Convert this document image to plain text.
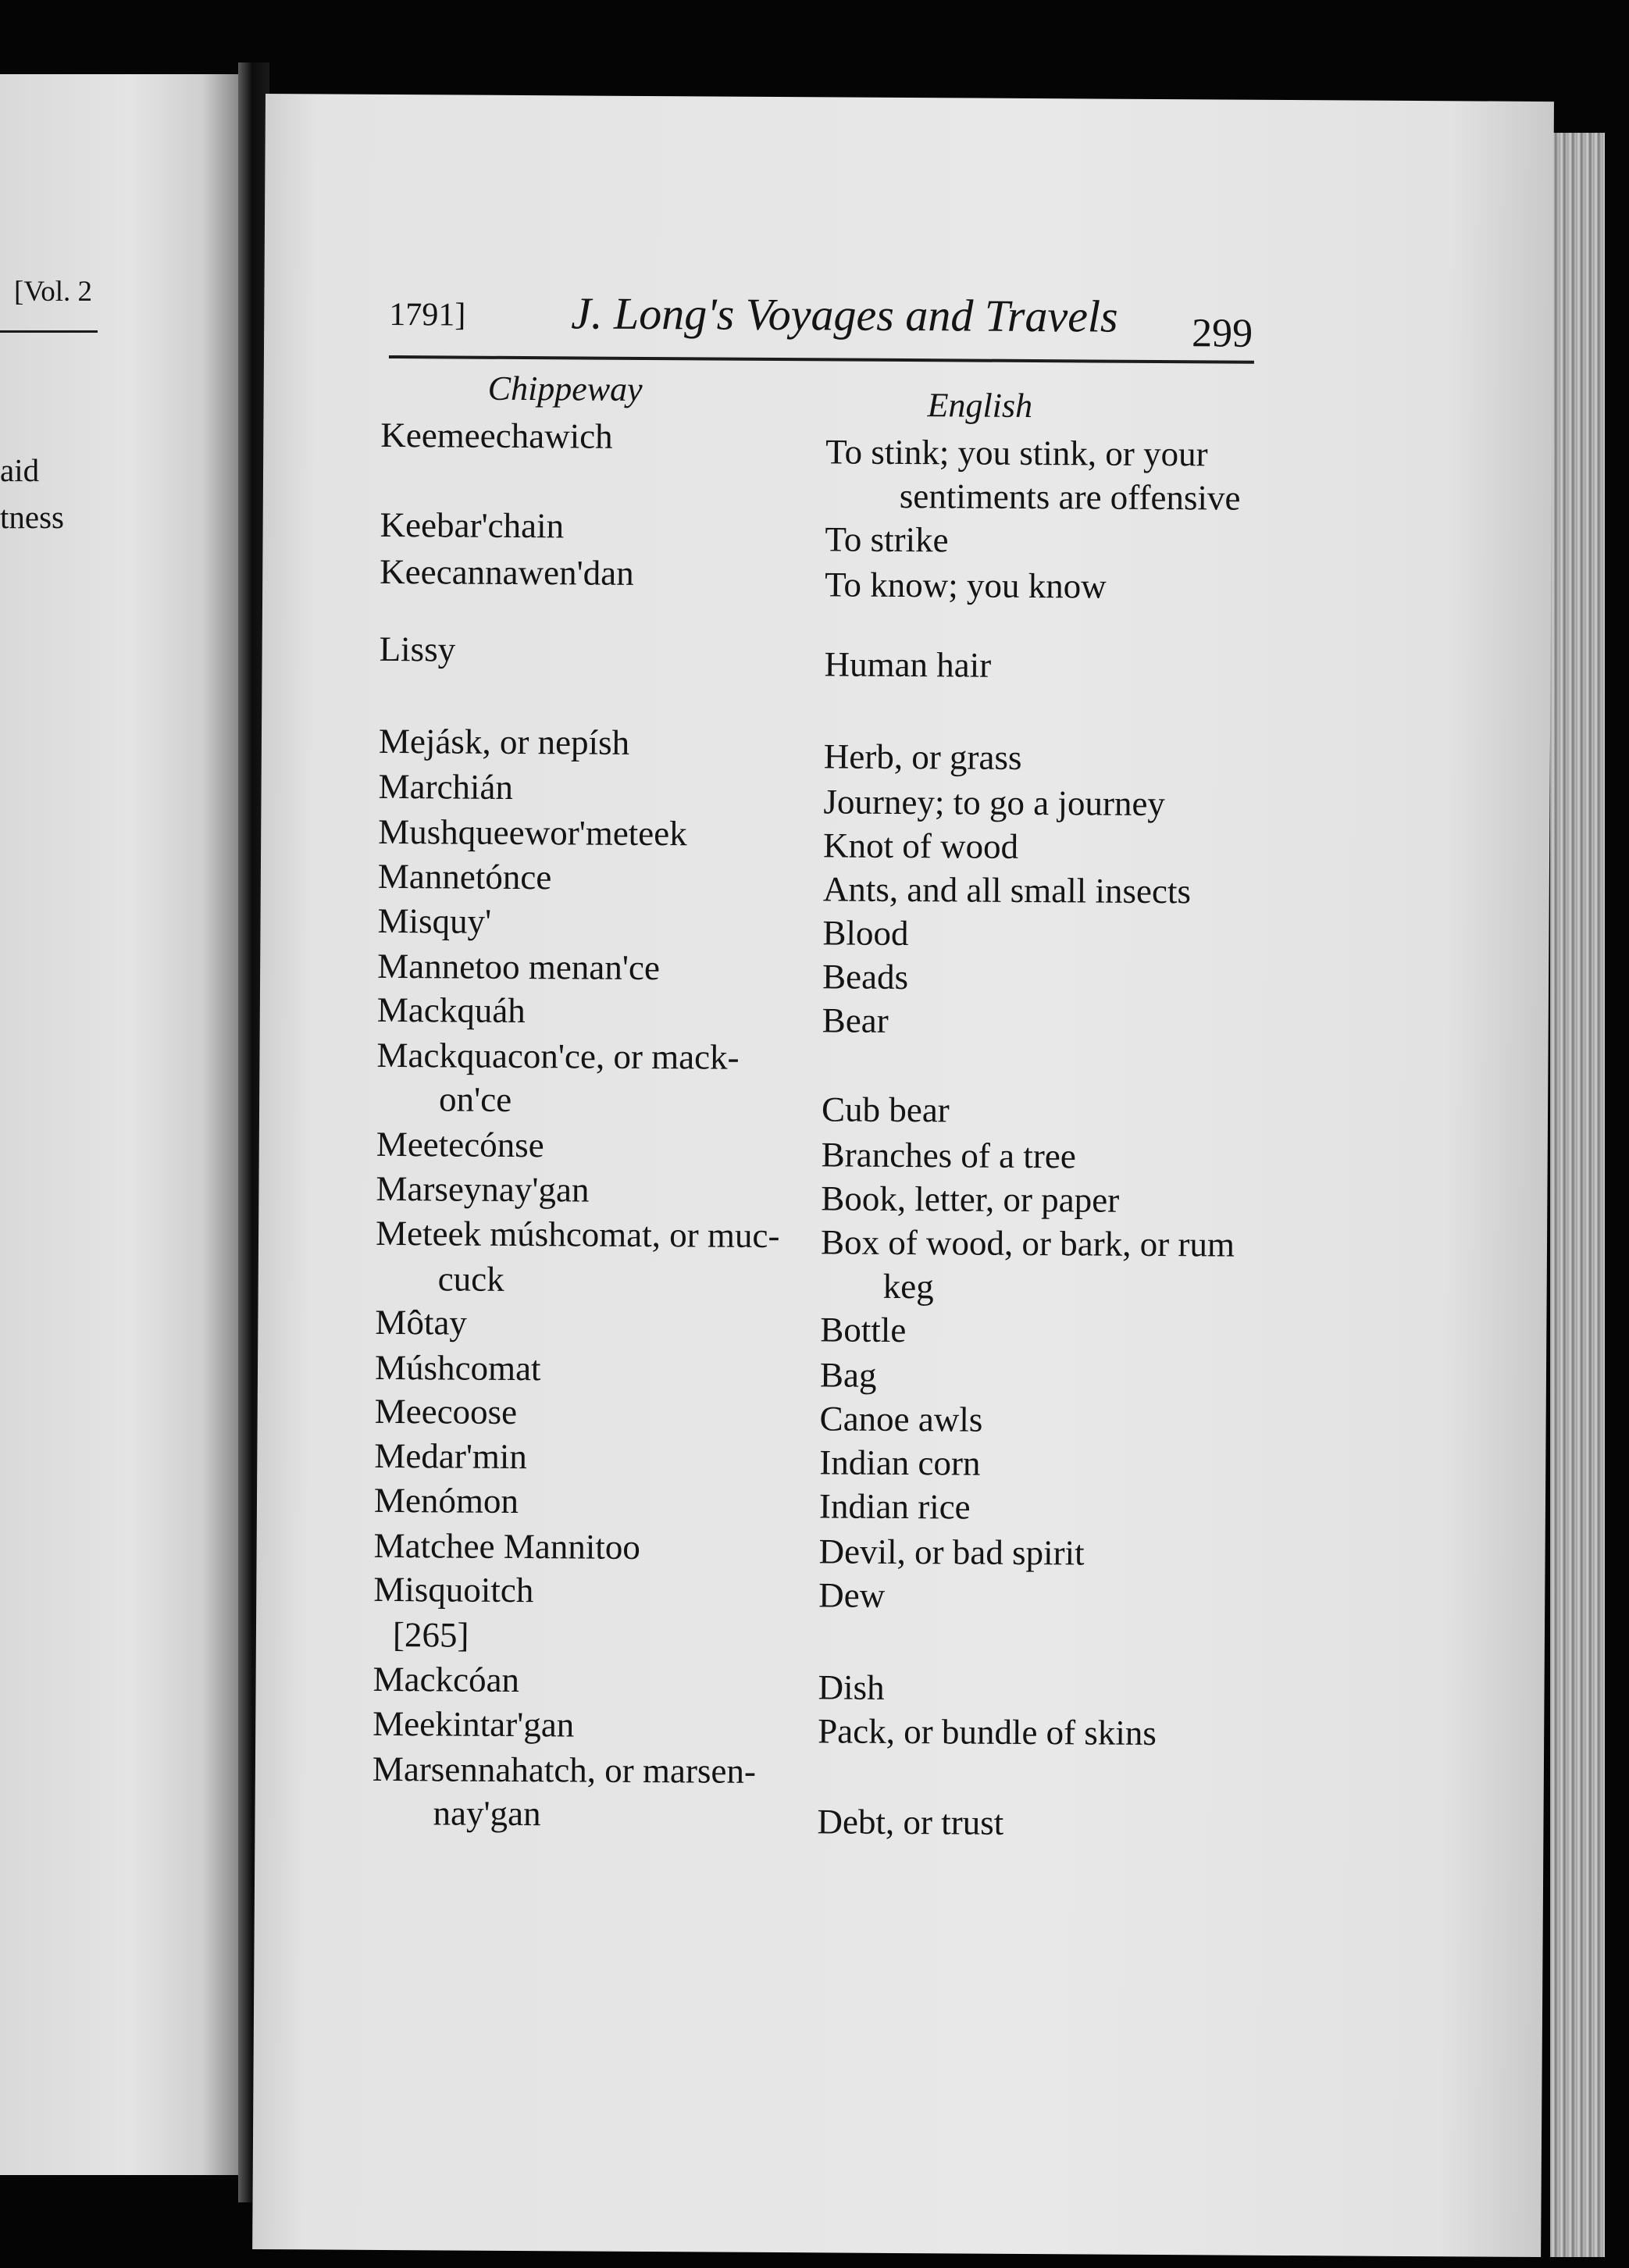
[Vol. 2
aid
tness
1791] J. Long's Voyages and Travels 299
Chippeway	English
Keemeechawich
Keebar'chain
Keecannawen'dan
Lissy
Mejásk, or nepísh
Marchián
Mushqueewor'meteek
Mannetónce
Misquy'
Mannetoo menan'ce
Mackquáh
Mackquacon'ce, or mack-
on'ce
Meetecónse
Marseynay'gan
Meteek múshcomat, or muc-
cuck
Môtay
Múshcomat
Meecoose
Medar'min
Menómon
Matchee Mannitoo
Misquoitch
[265]
Mackcóan
Meekintar'gan
Marsennahatch, or marsen-
nay'gan
To stink; you stink, or your
sentiments are offensive
To strike
To know; you know
Human hair
Herb, or grass
Journey; to go a journey
Knot of wood
Ants, and all small insects
Blood
Beads
Bear
Cub bear
Branches of a tree
Book, letter, or paper
Box of wood, or bark, or rum
keg
Bottle
Bag
Canoe awls
Indian corn
Indian rice
Devil, or bad spirit
Dew
Dish
Pack, or bundle of skins
Debt, or trust
